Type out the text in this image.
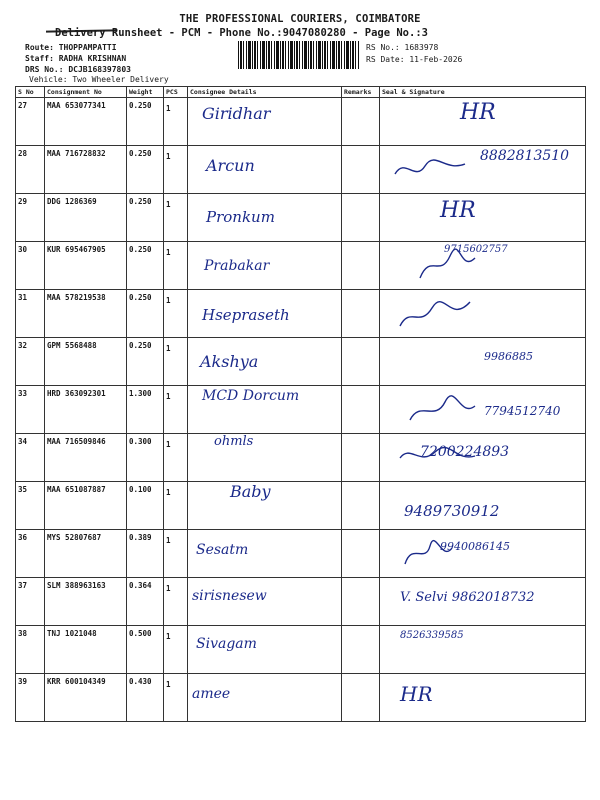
THE PROFESSIONAL COURIERS, COIMBATORE
Delivery Runsheet - PCM - Phone No.:9047080280 - Page No.:3
Route: THOPPAMPATTI
Staff: RADHA KRISHNAN
DRS No.: DCJB168397803
Vehicle: Two Wheeler Delivery
RS No.: 1683978
RS Date: 11-Feb-2026
S No	Consignment No	Weight	PCS	Consignee Details	Remarks	Seal & Signature
27	MAA 653077341	0.250	1	Giridhar		HR

28	MAA 716728832	0.250	1	Arcun		8882813510

29	DDG 1286369	0.250	1	Pronkum		HR

30	KUR 695467905	0.250	1	Prabakar		9715602757

31	MAA 578219538	0.250	1	Hsepraseth

32	GPM 5568488	0.250	1	Akshya		9986885

33	HRD 363092301	1.300	1	MCD Dorcum		7794512740

34	MAA 716509846	0.300	1	ohmls		7200224893

35	MAA 651087887	0.100	1	Baby		9489730912

36	MYS 52807687	0.389	1	Sesatm		9940086145

37	SLM 388963163	0.364	1	sirisnesew		V. Selvi 9862018732

38	TNJ 1021048	0.500	1	Sivagam		8526339585

39	KRR 600104349	0.430	1	amee		HR
